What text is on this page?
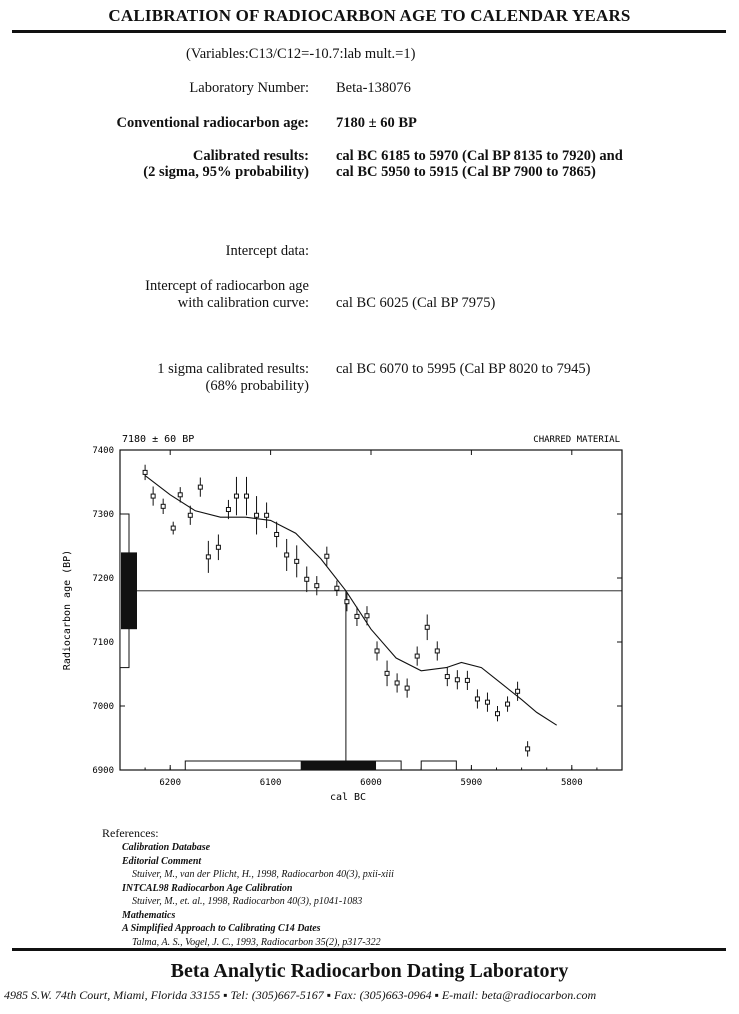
CALIBRATION OF RADIOCARBON AGE TO CALENDAR YEARS
(Variables:C13/C12=-10.7:lab mult.=1)
Laboratory Number: Beta-138076
Conventional radiocarbon age: 7180 ± 60 BP
Calibrated results:
(2 sigma, 95% probability)
cal BC 6185 to 5970 (Cal BP 8135 to 7920) and
cal BC 5950 to 5915 (Cal BP 7900 to 7865)
Intercept data:
Intercept of radiocarbon age
with calibration curve: cal BC 6025 (Cal BP 7975)
1 sigma calibrated results:
(68% probability)
cal BC 6070 to 5995 (Cal BP 8020 to 7945)
7180 ± 60 BP	CHARRED MATERIAL
Radiocarbon age (BP)
cal BC
7400
7300
7200
7100
7000
6900
6200	6100	6000	5900	5800
References:
Calibration Database
Editorial Comment
Stuiver, M., van der Plicht, H., 1998, Radiocarbon 40(3), pxii-xiii
INTCAL98 Radiocarbon Age Calibration
Stuiver, M., et. al., 1998, Radiocarbon 40(3), p1041-1083
Mathematics
A Simplified Approach to Calibrating C14 Dates
Talma, A. S., Vogel, J. C., 1993, Radiocarbon 35(2), p317-322
Beta Analytic Radiocarbon Dating Laboratory
4985 S.W. 74th Court, Miami, Florida 33155 ▪ Tel: (305)667-5167 ▪ Fax: (305)663-0964 ▪ E-mail: beta@radiocarbon.com
